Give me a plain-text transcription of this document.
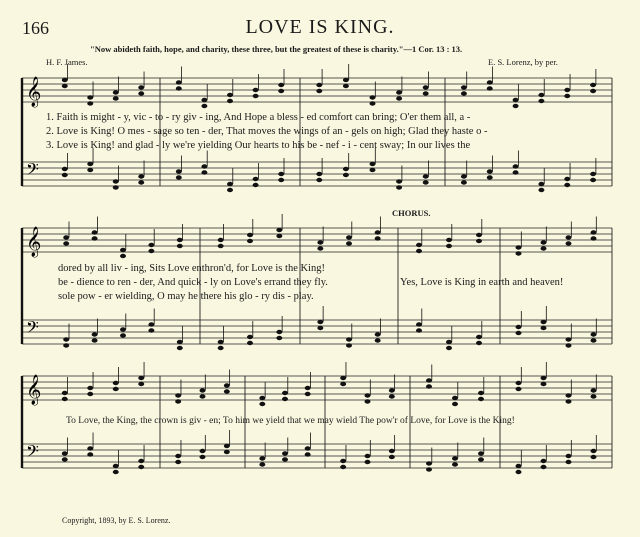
166	LOVE IS KING.
"Now abideth faith, hope, and charity, these three, but the greatest of these is charity."—1 Cor. 13 : 13.
H. F. James.	E. S. Lorenz, by per.
𝄞
𝄢
𝄞
𝄢
𝄞
𝄢
1. Faith is might - y, vic - to - ry giv - ing, And Hope a bless - ed comfort can bring; O'er them all, a -
2. Love is King! O mes - sage so ten - der, That moves the wings of an - gels on high; Glad they haste o -
3. Love is King! and glad - ly we're yielding Our hearts to his be - nef - i - cent sway; In our lives the
CHORUS.
dored by all liv - ing, Sits Love enthron'd, for Love is the King!
be - dience to ren - der, And quick - ly on Love's errand they fly.
sole pow - er wielding, O may he there his glo - ry dis - play.
Yes, Love is King in earth and heaven!
To Love, the King, the crown is giv - en; To him we yield that we may wield The pow'r of Love, for Love is the King!
Copyright, 1893, by E. S. Lorenz.
